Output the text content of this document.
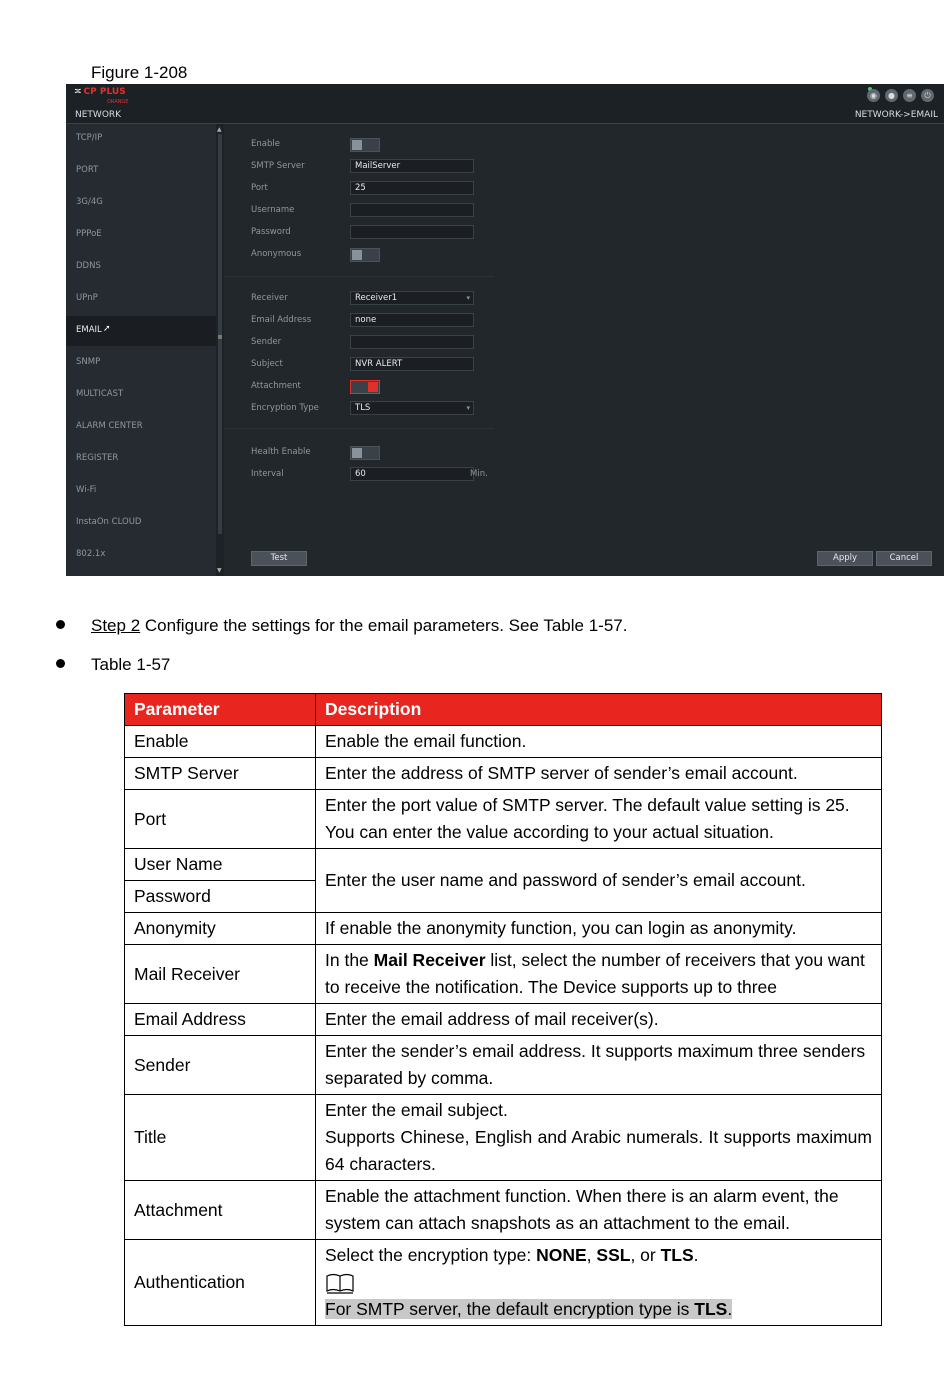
Figure 1-208
≍ CP PLUS
ORANGE
◉	●	≡	⏻
NETWORK	NETWORK->EMAIL
TCP/IP
PORT
3G/4G
PPPoE
DDNS
UPnP
EMAIL ➚
SNMP
MULTICAST
ALARM CENTER
REGISTER
Wi-Fi
InstaOn CLOUD
802.1x
▲
▼
Enable
SMTP Server	MailServer
Port	25
Username
Password
Anonymous
Receiver	Receiver1 ▾
Email Address	none
Sender
Subject	NVR ALERT
Attachment
Encryption Type	TLS ▾
Health Enable
Interval	60	Min.
Test	Apply	Cancel
Step 2 Configure the settings for the email parameters. See Table 1-57.
Table 1-57
Parameter	Description
Enable	Enable the email function.
SMTP Server	Enter the address of SMTP server of sender’s email account.
Port	Enter the port value of SMTP server. The default value setting is 25. You can enter the value according to your actual situation.
User Name	Enter the user name and password of sender’s email account.
Password	
Anonymity	If enable the anonymity function, you can login as anonymity.
Mail Receiver	In the Mail Receiver list, select the number of receivers that you want to receive the notification. The Device supports up to three
Email Address	Enter the email address of mail receiver(s).
Sender	Enter the sender’s email address. It supports maximum three senders separated by comma.
Title	Enter the email subject.
Supports Chinese, English and Arabic numerals. It supports maximum 64 characters.

Attachment	Enable the attachment function. When there is an alarm event, the system can attach snapshots as an attachment to the email.
Authentication	Select the encryption type: NONE, SSL, or TLS.
For SMTP server, the default encryption type is TLS.
